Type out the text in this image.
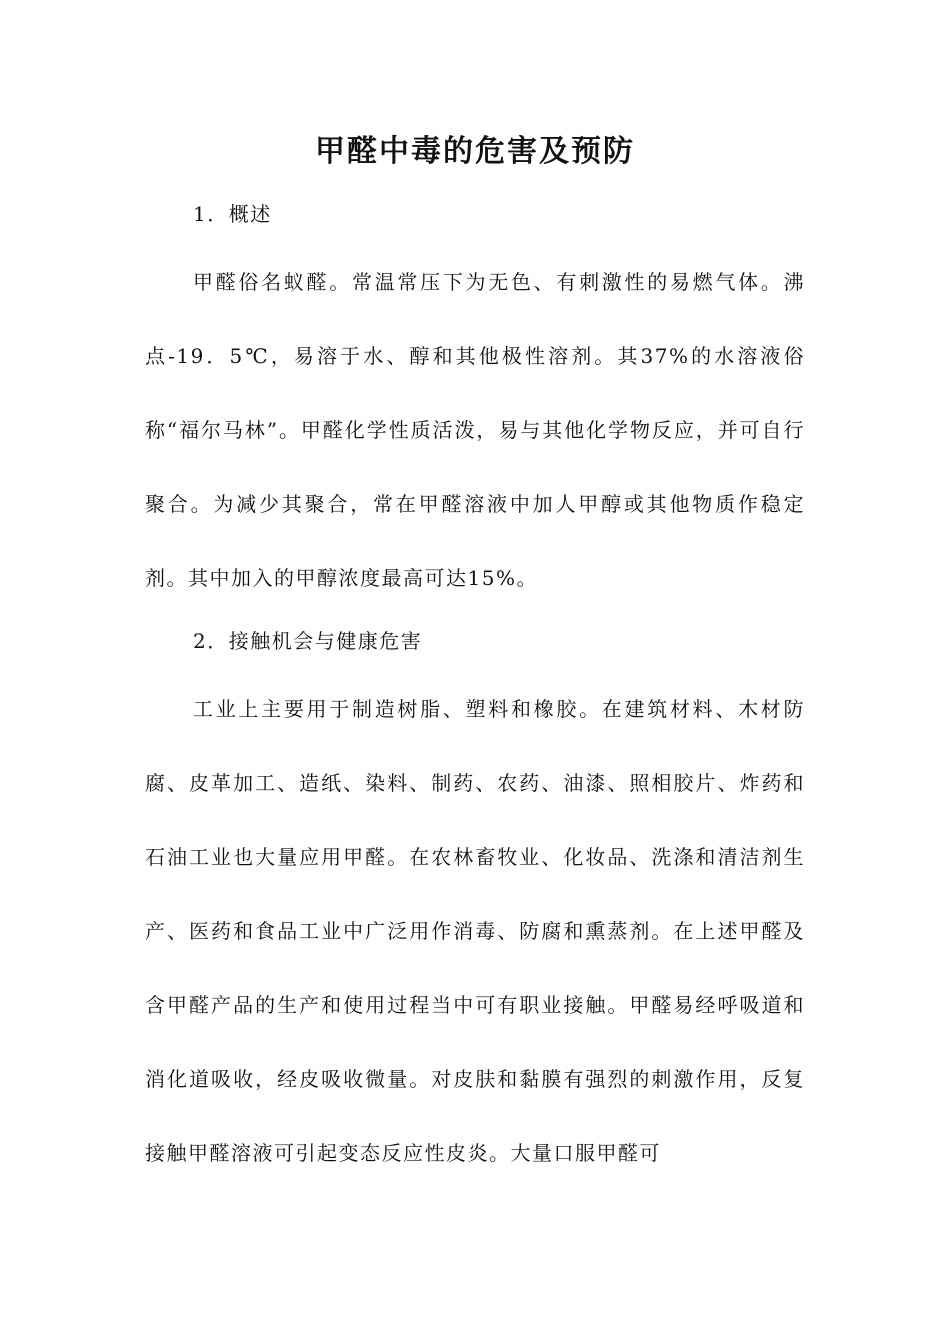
甲醛中毒的危害及预防

1．概述

甲醛俗名蚁醛。常温常压下为无色、有刺激性的易燃气体。沸点-19．5℃，易溶于水、醇和其他极性溶剂。其37%的水溶液俗称“福尔马林”。甲醛化学性质活泼，易与其他化学物反应，并可自行聚合。为减少其聚合，常在甲醛溶液中加人甲醇或其他物质作稳定剂。其中加入的甲醇浓度最高可达15%。

2．接触机会与健康危害

工业上主要用于制造树脂、塑料和橡胶。在建筑材料、木材防腐、皮革加工、造纸、染料、制药、农药、油漆、照相胶片、炸药和石油工业也大量应用甲醛。在农林畜牧业、化妆品、洗涤和清洁剂生产、医药和食品工业中广泛用作消毒、防腐和熏蒸剂。在上述甲醛及含甲醛产品的生产和使用过程当中可有职业接触。甲醛易经呼吸道和消化道吸收，经皮吸收微量。对皮肤和黏膜有强烈的刺激作用，反复接触甲醛溶液可引起变态反应性皮炎。大量口服甲醛可
